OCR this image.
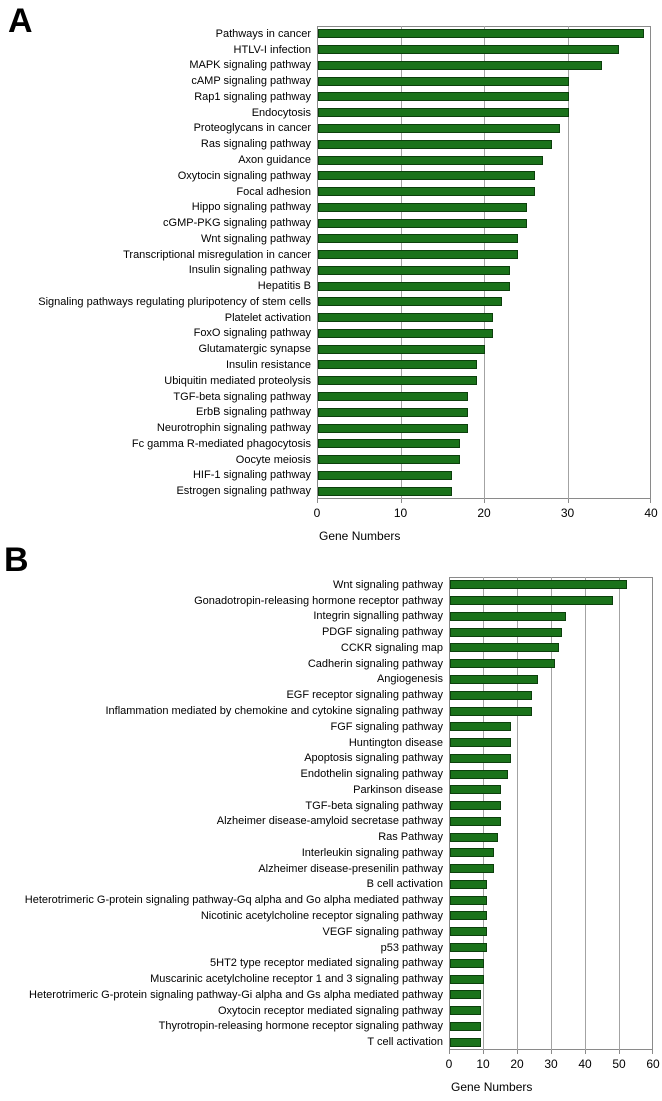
A
Gene Numbers
0	10	20	30	40
Pathways in cancer
HTLV-I infection
MAPK signaling pathway
cAMP signaling pathway
Rap1 signaling pathway
Endocytosis
Proteoglycans in cancer
Ras signaling pathway
Axon guidance
Oxytocin signaling pathway
Focal adhesion
Hippo signaling pathway
cGMP-PKG signaling pathway
Wnt signaling pathway
Transcriptional misregulation in cancer
Insulin signaling pathway
Hepatitis B
Signaling pathways regulating pluripotency of stem cells
Platelet activation
FoxO signaling pathway
Glutamatergic synapse
Insulin resistance
Ubiquitin mediated proteolysis
TGF-beta signaling pathway
ErbB signaling pathway
Neurotrophin signaling pathway
Fc gamma R-mediated phagocytosis
Oocyte meiosis
HIF-1 signaling pathway
Estrogen signaling pathway
B
Gene Numbers
0	10	20	30	40	50	60
Wnt signaling pathway
Gonadotropin-releasing hormone receptor pathway
Integrin signalling pathway
PDGF signaling pathway
CCKR signaling map
Cadherin signaling pathway
Angiogenesis
EGF receptor signaling pathway
Inflammation mediated by chemokine and cytokine signaling pathway
FGF signaling pathway
Huntington disease
Apoptosis signaling pathway
Endothelin signaling pathway
Parkinson disease
TGF-beta signaling pathway
Alzheimer disease-amyloid secretase pathway
Ras Pathway
Interleukin signaling pathway
Alzheimer disease-presenilin pathway
B cell activation
Heterotrimeric G-protein signaling pathway-Gq alpha and Go alpha mediated pathway
Nicotinic acetylcholine receptor signaling pathway
VEGF signaling pathway
p53 pathway
5HT2 type receptor mediated signaling pathway
Muscarinic acetylcholine receptor 1 and 3 signaling pathway
Heterotrimeric G-protein signaling pathway-Gi alpha and Gs alpha mediated pathway
Oxytocin receptor mediated signaling pathway
Thyrotropin-releasing hormone receptor signaling pathway
T cell activation
